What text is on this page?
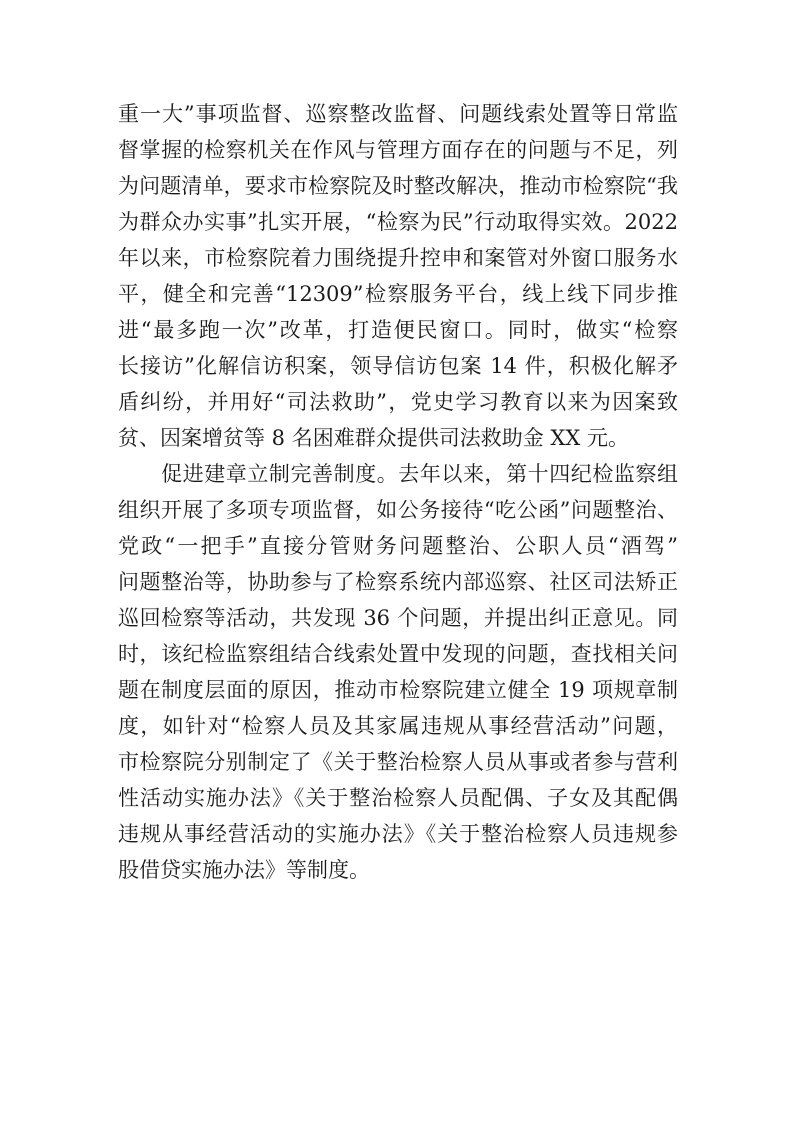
重一大”事项监督、巡察整改监督、问题线索处置等日常监
督掌握的检察机关在作风与管理方面存在的问题与不足，列
为问题清单，要求市检察院及时整改解决，推动市检察院“我
为群众办实事”扎实开展，“检察为民”行动取得实效。2022
年以来，市检察院着力围绕提升控申和案管对外窗口服务水
平，健全和完善“12309”检察服务平台，线上线下同步推
进“最多跑一次”改革，打造便民窗口。同时，做实“检察
长接访”化解信访积案，领导信访包案 14 件，积极化解矛
盾纠纷，并用好“司法救助”，党史学习教育以来为因案致
贫、因案增贫等 8 名困难群众提供司法救助金 XX 元。
　　促进建章立制完善制度。去年以来，第十四纪检监察组
组织开展了多项专项监督，如公务接待“吃公函”问题整治、
党政“一把手”直接分管财务问题整治、公职人员“酒驾”
问题整治等，协助参与了检察系统内部巡察、社区司法矫正
巡回检察等活动，共发现 36 个问题，并提出纠正意见。同
时，该纪检监察组结合线索处置中发现的问题，查找相关问
题在制度层面的原因，推动市检察院建立健全 19 项规章制
度，如针对“检察人员及其家属违规从事经营活动”问题，
市检察院分别制定了《关于整治检察人员从事或者参与营利
性活动实施办法》《关于整治检察人员配偶、子女及其配偶
违规从事经营活动的实施办法》《关于整治检察人员违规参
股借贷实施办法》等制度。
